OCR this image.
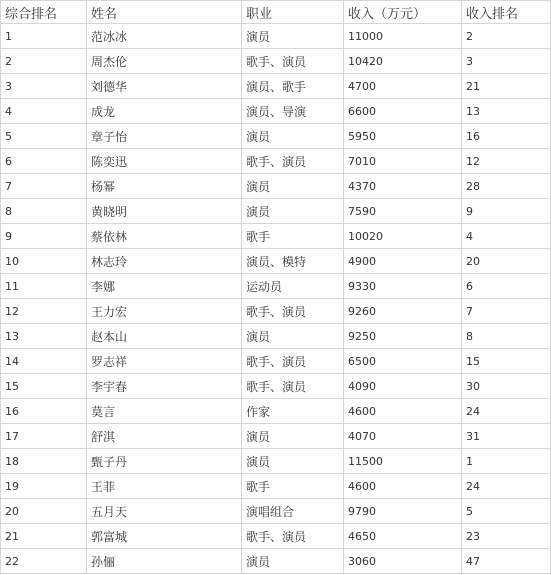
综合排名	姓名	职业	收入（万元）	收入排名
1	范冰冰	演员	11000	2
2	周杰伦	歌手、演员	10420	3
3	刘德华	演员、歌手	4700	21
4	成龙	演员、导演	6600	13
5	章子怡	演员	5950	16
6	陈奕迅	歌手、演员	7010	12
7	杨幂	演员	4370	28
8	黄晓明	演员	7590	9
9	蔡依林	歌手	10020	4
10	林志玲	演员、模特	4900	20
11	李娜	运动员	9330	6
12	王力宏	歌手、演员	9260	7
13	赵本山	演员	9250	8
14	罗志祥	歌手、演员	6500	15
15	李宇春	歌手、演员	4090	30
16	莫言	作家	4600	24
17	舒淇	演员	4070	31
18	甄子丹	演员	11500	1
19	王菲	歌手	4600	24
20	五月天	演唱组合	9790	5
21	郭富城	歌手、演员	4650	23
22	孙俪	演员	3060	47
